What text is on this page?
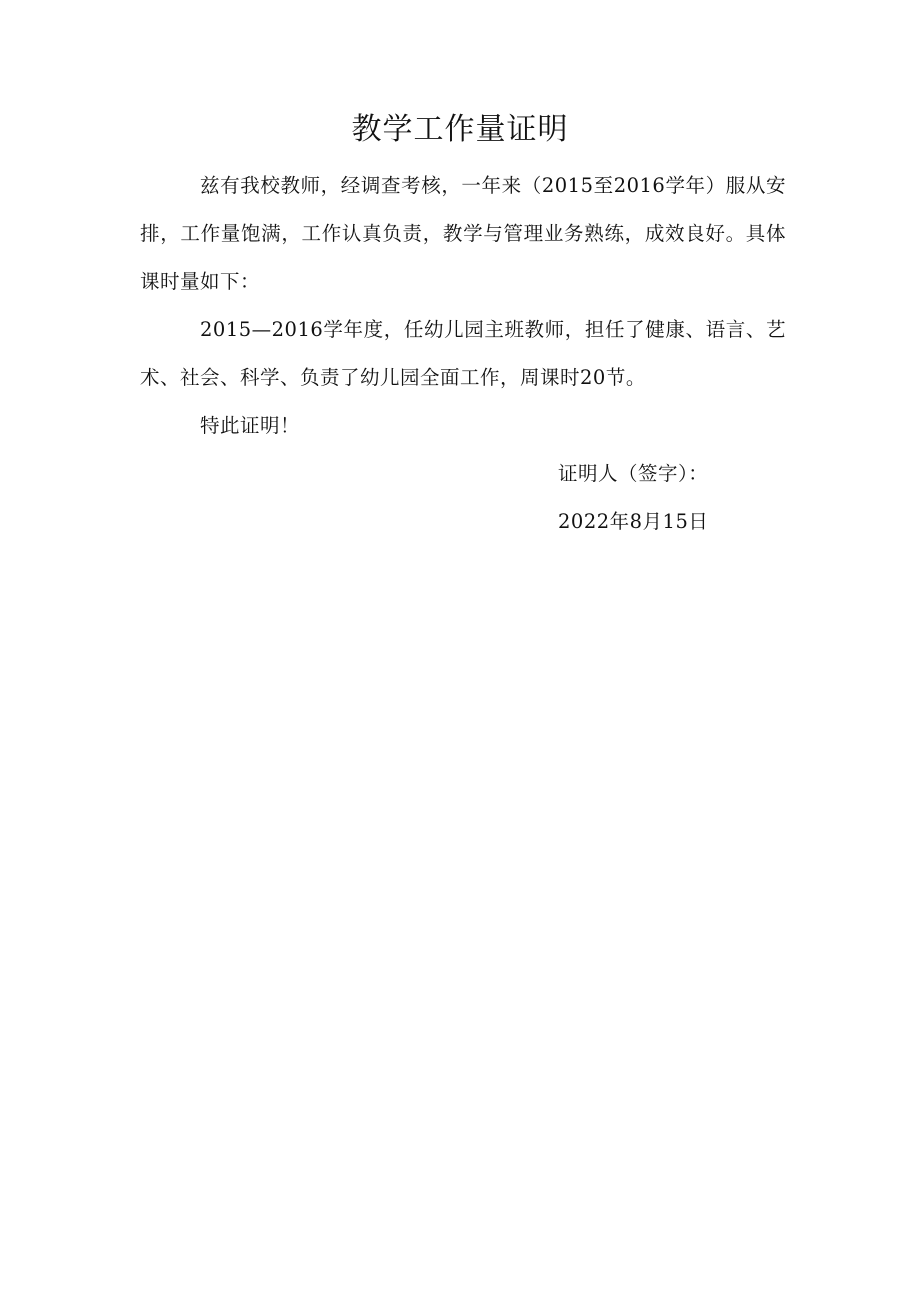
教学工作量证明

兹有我校教师，经调查考核，一年来（2015至2016学年）服从安排，工作量饱满，工作认真负责，教学与管理业务熟练，成效良好。具体课时量如下：

2015—2016学年度，任幼儿园主班教师，担任了健康、语言、艺术、社会、科学、负责了幼儿园全面工作，周课时20节。

特此证明！

证明人（签字）：

2022年8月15日
